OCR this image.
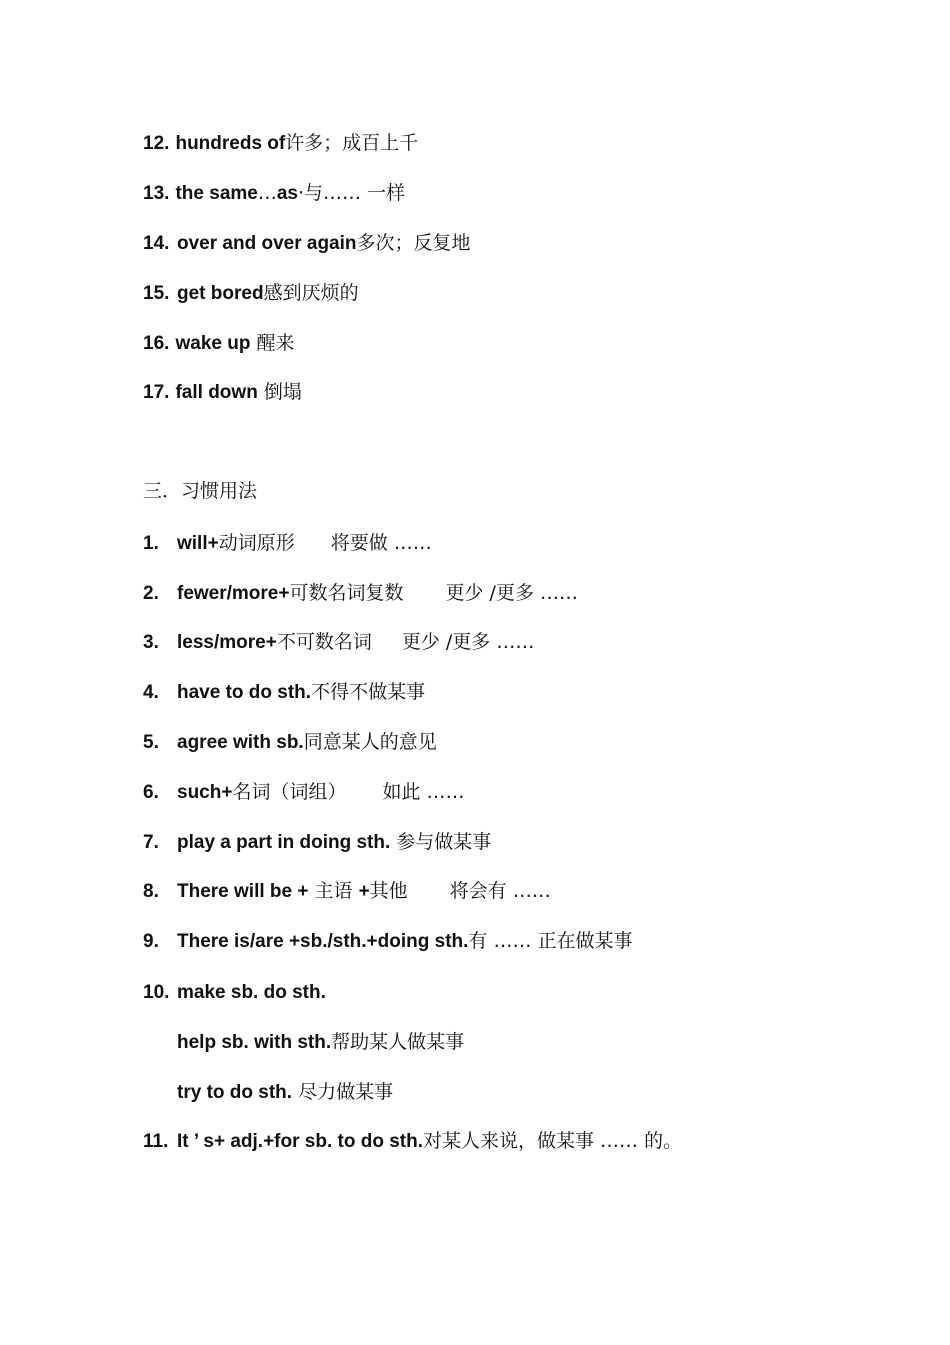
12. hundreds of许多；成百上千
13. the same…as·与…… 一样
14. over and over again多次；反复地
15. get bored感到厌烦的
16. wake up 醒来
17. fall down 倒塌
三．习惯用法
1. will+动词原形 将要做 ……
2. fewer/more+可数名词复数 更少 /更多 ……
3. less/more+不可数名词 更少 /更多 ……
4. have to do sth.不得不做某事
5. agree with sb.同意某人的意见
6. such+名词（词组） 如此 ……
7. play a part in doing sth. 参与做某事
8. There will be + 主语 +其他 将会有 ……
9. There is/are +sb./sth.+doing sth.有 …… 正在做某事
10. make sb. do sth.
help sb. with sth.帮助某人做某事
try to do sth. 尽力做某事
11. It ’ s+ adj.+for sb. to do sth.对某人来说，做某事 …… 的。
